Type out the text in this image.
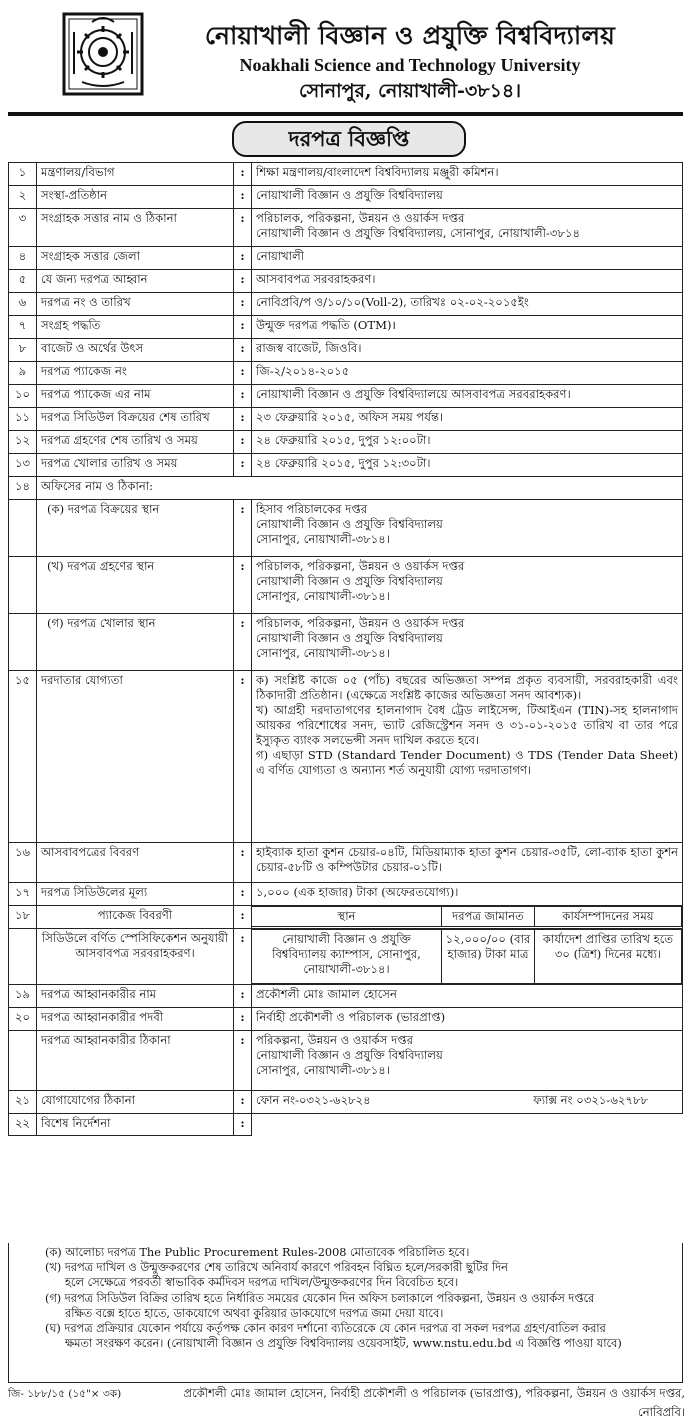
নোয়াখালী বিজ্ঞান ও প্রযুক্তি বিশ্ববিদ্যালয়
Noakhali Science and Technology University
সোনাপুর, নোয়াখালী-৩৮১৪।
দরপত্র বিজ্ঞপ্তি
১	মন্ত্রণালয়/বিভাগ	:	শিক্ষা মন্ত্রণালয়/বাংলাদেশ বিশ্ববিদ্যালয় মঞ্জুরী কমিশন।
২	সংস্থা-প্রতিষ্ঠান	:	নোয়াখালী বিজ্ঞান ও প্রযুক্তি বিশ্ববিদ্যালয়
৩	সংগ্রাহক সত্তার নাম ও ঠিকানা	:	পরিচালক, পরিকল্পনা, উন্নয়ন ও ওয়ার্কস দপ্তর
নোয়াখালী বিজ্ঞান ও প্রযুক্তি বিশ্ববিদ্যালয়, সোনাপুর, নোয়াখালী-৩৮১৪

৪	সংগ্রাহক সত্তার জেলা	:	নোয়াখালী
৫	যে জন্য দরপত্র আহ্বান	:	আসবাবপত্র সরবরাহকরণ।
৬	দরপত্র নং ও তারিখ	:	নোবিপ্রবি/প ও/১০/১০(Voll-2), তারিখঃ ০২-০২-২০১৫ইং
৭	সংগ্রহ পদ্ধতি	:	উন্মুক্ত দরপত্র পদ্ধতি (OTM)।
৮	বাজেট ও অর্থের উৎস	:	রাজস্ব বাজেট, জিওবি।
৯	দরপত্র প্যাকেজ নং	:	জি-২/২০১৪-২০১৫
১০	দরপত্র প্যাকেজ এর নাম	:	নোয়াখালী বিজ্ঞান ও প্রযুক্তি বিশ্ববিদ্যালয়ে আসবাবপত্র সরবরাহকরণ।
১১	দরপত্র সিডিউল বিক্রয়ের শেষ তারিখ	:	২৩ ফেব্রুয়ারি ২০১৫, অফিস সময় পর্যন্ত।
১২	দরপত্র গ্রহণের শেষ তারিখ ও সময়	:	২৪ ফেব্রুয়ারি ২০১৫, দুপুর ১২:০০টা।
১৩	দরপত্র খোলার তারিখ ও সময়	:	২৪ ফেব্রুয়ারি ২০১৫, দুপুর ১২:৩০টা।
১৪	অফিসের নাম ও ঠিকানা:
	(ক) দরপত্র বিক্রয়ের স্থান	:	হিসাব পরিচালকের দপ্তর
নোয়াখালী বিজ্ঞান ও প্রযুক্তি বিশ্ববিদ্যালয়
সোনাপুর, নোয়াখালী-৩৮১৪।

	(খ) দরপত্র গ্রহণের স্থান	:	পরিচালক, পরিকল্পনা, উন্নয়ন ও ওয়ার্কস দপ্তর
নোয়াখালী বিজ্ঞান ও প্রযুক্তি বিশ্ববিদ্যালয়
সোনাপুর, নোয়াখালী-৩৮১৪।

	(গ) দরপত্র খোলার স্থান	:	পরিচালক, পরিকল্পনা, উন্নয়ন ও ওয়ার্কস দপ্তর
নোয়াখালী বিজ্ঞান ও প্রযুক্তি বিশ্ববিদ্যালয়
সোনাপুর, নোয়াখালী-৩৮১৪।

১৫	দরদাতার যোগ্যতা	:	ক) সংশ্লিষ্ট কাজে ০৫ (পাঁচ) বছরের অভিজ্ঞতা সম্পন্ন প্রকৃত ব্যবসায়ী, সরবরাহকারী এবং ঠিকাদারী প্রতিষ্ঠান। (এক্ষেত্রে সংশ্লিষ্ট কাজের অভিজ্ঞতা সনদ আবশ্যক)।
খ) আগ্রহী দরদাতাগণের হালনাগাদ বৈধ ট্রেড লাইসেন্স, টিআইএন (TIN)-সহ হালনাগাদ আয়কর পরিশোধের সনদ, ভ্যাট রেজিস্ট্রেশন সনদ ও ৩১-০১-২০১৫ তারিখ বা তার পরে ইস্যুকৃত ব্যাংক সলভেন্সী সনদ দাখিল করতে হবে।
গ) এছাড়া STD (Standard Tender Document) ও TDS (Tender Data Sheet) এ বর্ণিত যোগ্যতা ও অন্যান্য শর্ত অনুযায়ী যোগ্য দরদাতাগণ।

১৬	আসবাবপত্রের বিবরণ	:	হাইব্যাক হাতা কুশন চেয়ার-০৪টি, মিডিয়াম্যাক হাতা কুশন চেয়ার-৩৫টি, লো-ব্যাক হাতা কুশন চেয়ার-৫৮টি ও কম্পিউটার চেয়ার-০১টি।
১৭	দরপত্র সিডিউলের মূল্য	:	১,০০০ (এক হাজার) টাকা (অফেরতযোগ্য)।
১৮	প্যাকেজ বিবরণী	:		স্থান	দরপত্র জামানত	কার্যসম্পাদনের সময়

	সিডিউলে বর্ণিত স্পেসিফিকেশন অনুযায়ী আসবাবপত্র সরবরাহকরণ।	:		নোয়াখালী বিজ্ঞান ও প্রযুক্তি বিশ্ববিদ্যালয় ক্যাম্পাস, সোনাপুর, নোয়াখালী-৩৮১৪।	১২,০০০/০০ (বার হাজার) টাকা মাত্র	কার্যাদেশ প্রাপ্তির তারিখ হতে ৩০ (ত্রিশ) দিনের মধ্যে।

১৯	দরপত্র আহ্বানকারীর নাম	:	প্রকৌশলী মোঃ জামাল হোসেন
২০	দরপত্র আহ্বানকারীর পদবী	:	নির্বাহী প্রকৌশলী ও পরিচালক (ভারপ্রাপ্ত)
	দরপত্র আহ্বানকারীর ঠিকানা	:	পরিকল্পনা, উন্নয়ন ও ওয়ার্কস দপ্তর
নোয়াখালী বিজ্ঞান ও প্রযুক্তি বিশ্ববিদ্যালয়
সোনাপুর, নোয়াখালী-৩৮১৪।

২১	যোগাযোগের ঠিকানা	:	ফোন নং-০৩২১-৬২৮২৪	ফ্যাক্স নং ০৩২১-৬২৭৮৮

২২	বিশেষ নির্দেশনা	:	
(ক) আলোচ্য দরপত্র The Public Procurement Rules-2008 মোতাবেক পরিচালিত হবে।
(খ) দরপত্র দাখিল ও উন্মুক্তকরণের শেষ তারিখে অনিবার্য কারণে পরিবহন বিঘ্নিত হলে/সরকারী ছুটির দিন
হলে সেক্ষেত্রে পরবর্তী স্বাভাবিক কর্মদিবস দরপত্র দাখিল/উন্মুক্তকরণের দিন বিবেচিত হবে।
(গ) দরপত্র সিডিউল বিক্রির তারিখ হতে নির্ধারিত সময়ের যেকোন দিন অফিস চলাকালে পরিকল্পনা, উন্নয়ন ও ওয়ার্কস দপ্তরে
রক্ষিত বক্সে হাতে হাতে, ডাকযোগে অথবা কুরিয়ার ডাকযোগে দরপত্র জমা দেয়া যাবে।
(ঘ) দরপত্র প্রক্রিয়ার যেকোন পর্যায়ে কর্তৃপক্ষ কোন কারণ দর্শানো ব্যতিরেকে যে কোন দরপত্র বা সকল দরপত্র গ্রহণ/বাতিল করার
ক্ষমতা সংরক্ষণ করেন। (নোয়াখালী বিজ্ঞান ও প্রযুক্তি বিশ্ববিদ্যালয় ওয়েবসাইট, www.nstu.edu.bd এ বিজ্ঞপ্তি পাওয়া যাবে)
জি- ১৮৮/১৫ (১৫"× ৩ক)	প্রকৌশলী মোঃ জামাল হোসেন, নির্বাহী প্রকৌশলী ও পরিচালক (ভারপ্রাপ্ত), পরিকল্পনা, উন্নয়ন ও ওয়ার্কস দপ্তর, নোবিপ্রবি।
